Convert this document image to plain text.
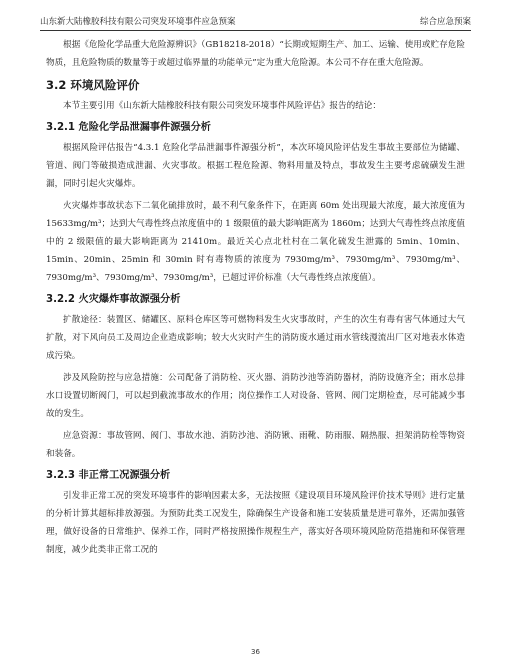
山东新大陆橡胶科技有限公司突发环境事件应急预案	综合应急预案

根据《危险化学品重大危险源辨识》（GB18218-2018）“长期或短期生产、加工、运输、使用或贮存危险物质，且危险物质的数量等于或超过临界量的功能单元”定为重大危险源。本公司不存在重大危险源。

3.2 环境风险评价

本节主要引用《山东新大陆橡胶科技有限公司突发环境事件风险评估》报告的结论：

3.2.1 危险化学品泄漏事件源强分析

根据风险评估报告“4.3.1 危险化学品泄漏事件源强分析”，本次环境风险评估发生事故主要部位为储罐、管道、阀门等破损造成泄漏、火灾事故。根据工程危险源、物料用量及特点，事故发生主要考虑硫磺发生泄漏，同时引起火灾爆炸。

火灾爆炸事故状态下二氧化硫排放时，最不利气象条件下，在距离 60m 处出现最大浓度，最大浓度值为 15633mg/m³；达到大气毒性终点浓度值中的 1 级限值的最大影响距离为 1860m；达到大气毒性终点浓度值中的 2 级限值的最大影响距离为 21410m。最近关心点北杜村在二氧化硫发生泄露的 5min、10min、15min、20min、25min 和 30min 时有毒物质的浓度为 7930mg/m³、7930mg/m³、7930mg/m³、7930mg/m³、7930mg/m³、7930mg/m³，已超过评价标准（大气毒性终点浓度值）。

3.2.2 火灾爆炸事故源强分析

扩散途径：装置区、储罐区、原料仓库区等可燃物料发生火灾事故时，产生的次生有毒有害气体通过大气扩散，对下风向员工及周边企业造成影响；较大火灾时产生的消防废水通过雨水管线漫流出厂区对地表水体造成污染。

涉及风险防控与应急措施：公司配备了消防栓、灭火器、消防沙池等消防器材，消防设施齐全；雨水总排水口设置切断阀门，可以起到截流事故水的作用；岗位操作工人对设备、管网、阀门定期检查，尽可能减少事故的发生。

应急资源：事故管网、阀门、事故水池、消防沙池、消防锹、雨靴、防雨服、隔热服、担架消防栓等物资和装备。

3.2.3 非正常工况源强分析

引发非正常工况的突发环境事件的影响因素太多，无法按照《建设项目环境风险评价技术导则》进行定量的分析计算其超标排放源强。为预防此类工况发生，除确保生产设备和施工安装质量是进可靠外，还需加强管理，做好设备的日常维护、保养工作，同时严格按照操作规程生产，落实好各项环境风险防范措施和环保管理制度，减少此类非正常工况的

36
